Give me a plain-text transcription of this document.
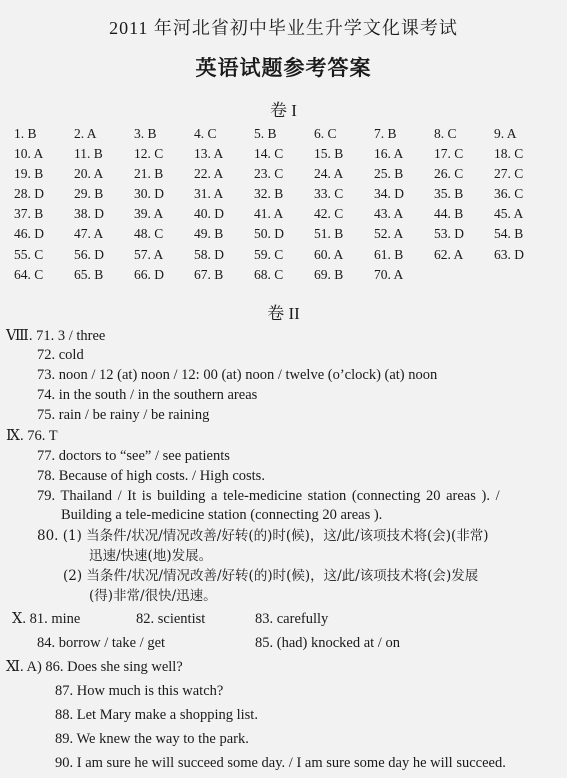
2011 年河北省初中毕业生升学文化课考试
英语试题参考答案
卷 I
1. B	2. A	3. B	4. C	5. B	6. C	7. B	8. C	9. A
10. A	11. B	12. C	13. A	14. C	15. B	16. A	17. C	18. C
19. B	20. A	21. B	22. A	23. C	24. A	25. B	26. C	27. C
28. D	29. B	30. D	31. A	32. B	33. C	34. D	35. B	36. C
37. B	38. D	39. A	40. D	41. A	42. C	43. A	44. B	45. A
46. D	47. A	48. C	49. B	50. D	51. B	52. A	53. D	54. B
55. C	56. D	57. A	58. D	59. C	60. A	61. B	62. A	63. D
64. C	65. B	66. D	67. B	68. C	69. B	70. A
卷 II
Ⅷ. 71. 3 / three
72. cold
73. noon / 12 (at) noon / 12: 00 (at) noon / twelve (o’clock) (at) noon
74. in the south / in the southern areas
75. rain / be rainy / be raining
Ⅸ. 76. T
77. doctors to “see” / see patients
78. Because of high costs. / High costs.
79. Thailand / It is building a tele-medicine station (connecting 20 areas ). /
Building a tele-medicine station (connecting 20 areas ).
80. (1) 当条件/状况/情况改善/好转(的)时(候)，这/此/该项技术将(会)(非常)
迅速/快速(地)发展。
(2) 当条件/状况/情况改善/好转(的)时(候)，这/此/该项技术将(会)发展
(得)非常/很快/迅速。
Ⅹ. 81. mine	82. scientist	83. carefully
84. borrow / take / get	85. (had) knocked at / on
Ⅺ. A) 86. Does she sing well?
87. How much is this watch?
88. Let Mary make a shopping list.
89. We knew the way to the park.
90. I am sure he will succeed some day. / I am sure some day he will succeed.
